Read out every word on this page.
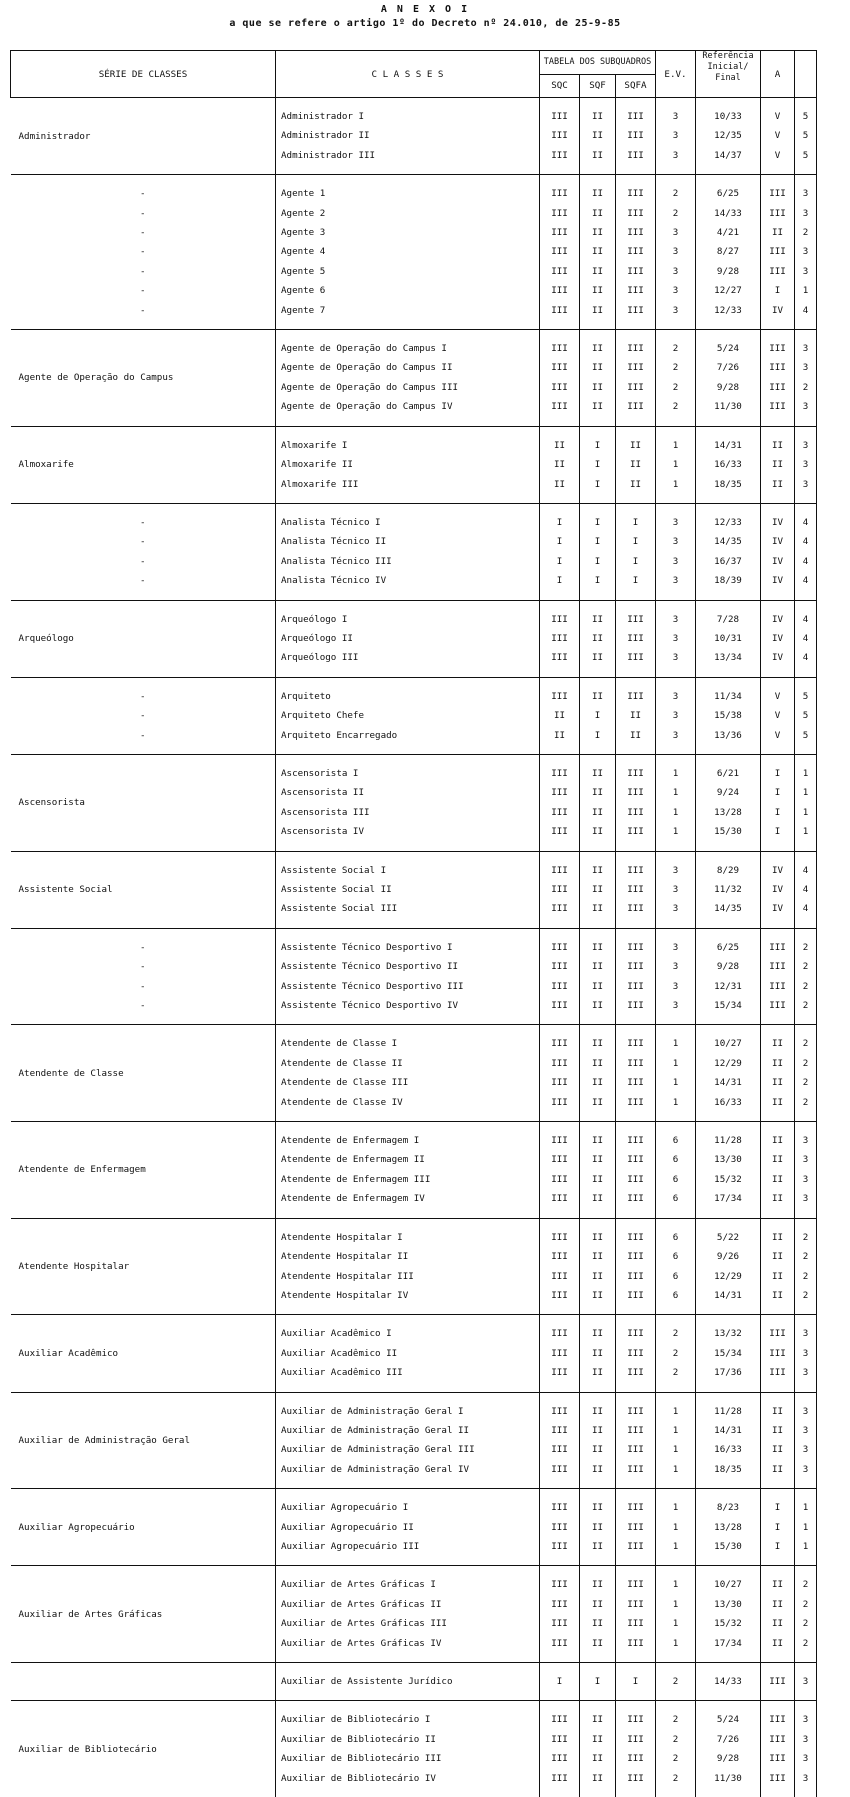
A N E X O I
a que se refere o artigo 1º do Decreto nº 24.010, de 25-9-85
SÉRIE DE CLASSES	C L A S S E S	TABELA DOS SUBQUADROS			E.V.	Referência Inicial/ Final	A	
		SQC	SQF	SQFA				
Administrador								
	Administrador I	III	II	III	3	10/33	V	5
	Administrador II	III	II	III	3	12/35	V	5
	Administrador III	III	II	III	3	14/37	V	5

-	Agente 1	III	II	III	2	6/25	III	3
-	Agente 2	III	II	III	2	14/33	III	3
-	Agente 3	III	II	III	3	4/21	II	2
-	Agente 4	III	II	III	3	8/27	III	3
-	Agente 5	III	II	III	3	9/28	III	3
-	Agente 6	III	II	III	3	12/27	I	1
-	Agente 7	III	II	III	3	12/33	IV	4

Agente de Operação do Campus								
	Agente de Operação do Campus I	III	II	III	2	5/24	III	3
	Agente de Operação do Campus II	III	II	III	2	7/26	III	3
	Agente de Operação do Campus III	III	II	III	2	9/28	III	2
	Agente de Operação do Campus IV	III	II	III	2	11/30	III	3

Almoxarife								
	Almoxarife I	II	I	II	1	14/31	II	3
	Almoxarife II	II	I	II	1	16/33	II	3
	Almoxarife III	II	I	II	1	18/35	II	3

-	Analista Técnico I	I	I	I	3	12/33	IV	4
-	Analista Técnico II	I	I	I	3	14/35	IV	4
-	Analista Técnico III	I	I	I	3	16/37	IV	4
-	Analista Técnico IV	I	I	I	3	18/39	IV	4

Arqueólogo								
	Arqueólogo I	III	II	III	3	7/28	IV	4
	Arqueólogo II	III	II	III	3	10/31	IV	4
	Arqueólogo III	III	II	III	3	13/34	IV	4

-	Arquiteto	III	II	III	3	11/34	V	5
-	Arquiteto Chefe	II	I	II	3	15/38	V	5
-	Arquiteto Encarregado	II	I	II	3	13/36	V	5

Ascensorista								
	Ascensorista I	III	II	III	1	6/21	I	1
	Ascensorista II	III	II	III	1	9/24	I	1
	Ascensorista III	III	II	III	1	13/28	I	1
	Ascensorista IV	III	II	III	1	15/30	I	1

Assistente Social								
	Assistente Social I	III	II	III	3	8/29	IV	4
	Assistente Social II	III	II	III	3	11/32	IV	4
	Assistente Social III	III	II	III	3	14/35	IV	4

-	Assistente Técnico Desportivo I	III	II	III	3	6/25	III	2
-	Assistente Técnico Desportivo II	III	II	III	3	9/28	III	2
-	Assistente Técnico Desportivo III	III	II	III	3	12/31	III	2
-	Assistente Técnico Desportivo IV	III	II	III	3	15/34	III	2

Atendente de Classe								
	Atendente de Classe I	III	II	III	1	10/27	II	2
	Atendente de Classe II	III	II	III	1	12/29	II	2
	Atendente de Classe III	III	II	III	1	14/31	II	2
	Atendente de Classe IV	III	II	III	1	16/33	II	2

Atendente de Enfermagem								
	Atendente de Enfermagem I	III	II	III	6	11/28	II	3
	Atendente de Enfermagem II	III	II	III	6	13/30	II	3
	Atendente de Enfermagem III	III	II	III	6	15/32	II	3
	Atendente de Enfermagem IV	III	II	III	6	17/34	II	3

Atendente Hospitalar								
	Atendente Hospitalar I	III	II	III	6	5/22	II	2
	Atendente Hospitalar II	III	II	III	6	9/26	II	2
	Atendente Hospitalar III	III	II	III	6	12/29	II	2
	Atendente Hospitalar IV	III	II	III	6	14/31	II	2

Auxiliar Acadêmico								
	Auxiliar Acadêmico I	III	II	III	2	13/32	III	3
	Auxiliar Acadêmico II	III	II	III	2	15/34	III	3
	Auxiliar Acadêmico III	III	II	III	2	17/36	III	3

Auxiliar de Administração Geral								
	Auxiliar de Administração Geral I	III	II	III	1	11/28	II	3
	Auxiliar de Administração Geral II	III	II	III	1	14/31	II	3
	Auxiliar de Administração Geral III	III	II	III	1	16/33	II	3
	Auxiliar de Administração Geral IV	III	II	III	1	18/35	II	3

Auxiliar Agropecuário								
	Auxiliar Agropecuário I	III	II	III	1	8/23	I	1
	Auxiliar Agropecuário II	III	II	III	1	13/28	I	1
	Auxiliar Agropecuário III	III	II	III	1	15/30	I	1

Auxiliar de Artes Gráficas								
	Auxiliar de Artes Gráficas I	III	II	III	1	10/27	II	2
	Auxiliar de Artes Gráficas II	III	II	III	1	13/30	II	2
	Auxiliar de Artes Gráficas III	III	II	III	1	15/32	II	2
	Auxiliar de Artes Gráficas IV	III	II	III	1	17/34	II	2

	Auxiliar de Assistente Jurídico	I	I	I	2	14/33	III	3

Auxiliar de Bibliotecário								
	Auxiliar de Bibliotecário I	III	II	III	2	5/24	III	3
	Auxiliar de Bibliotecário II	III	II	III	2	7/26	III	3
	Auxiliar de Bibliotecário III	III	II	III	2	9/28	III	3
	Auxiliar de Bibliotecário IV	III	II	III	2	11/30	III	3
